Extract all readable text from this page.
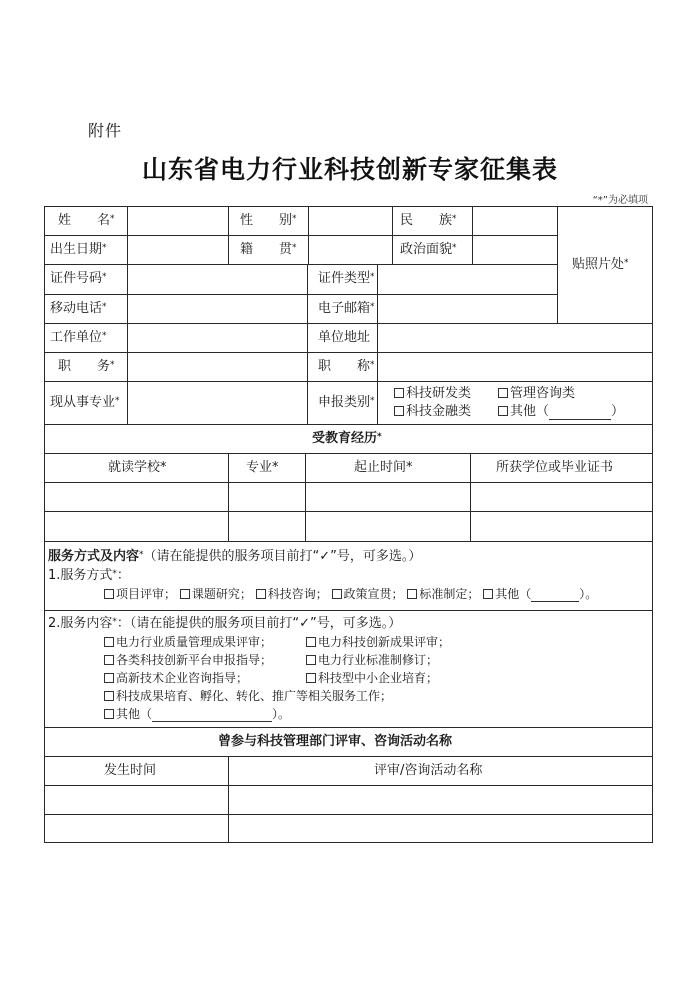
附件
山东省电力行业科技创新专家征集表
“*”为必填项
姓　　名*	性　　别*	民　　族*
出生日期*	籍　　贯*	政治面貌*
贴照片处*
证件号码*	证件类型*
移动电话*	电子邮箱*
工作单位*	单位地址
职　　务*	职　　称*
现从事专业*	申报类别*	科技研发类	管理咨询类
科技金融类	其他（	）
受教育经历*
就读学校*	专业*	起止时间*	所获学位或毕业证书
服务方式及内容*（请在能提供的服务项目前打“✓”号，可多选。）
1.服务方式*：
项目评审； 课题研究； 科技咨询； 政策宣贯； 标准制定； 其他（	）。
2.服务内容*：（请在能提供的服务项目前打“✓”号，可多选。）
电力行业质量管理成果评审；	电力科技创新成果评审；
各类科技创新平台申报指导；	电力行业标准制修订；
高新技术企业咨询指导；	科技型中小企业培育；
科技成果培育、孵化、转化、推广等相关服务工作；
其他（	）。
曾参与科技管理部门评审、咨询活动名称
发生时间	评审/咨询活动名称
